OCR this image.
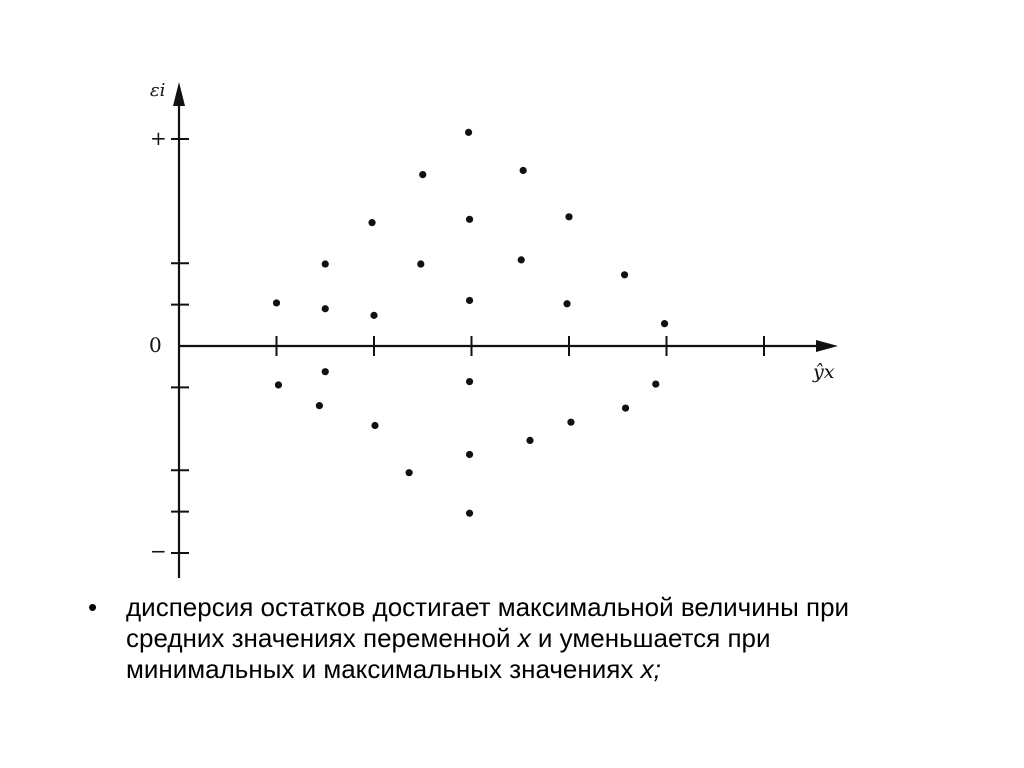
εi
ŷx
+
0
−
• дисперсия остатков достигает максимальной величины при
средних значениях переменной х и уменьшается при
минимальных и максимальных значениях х;
